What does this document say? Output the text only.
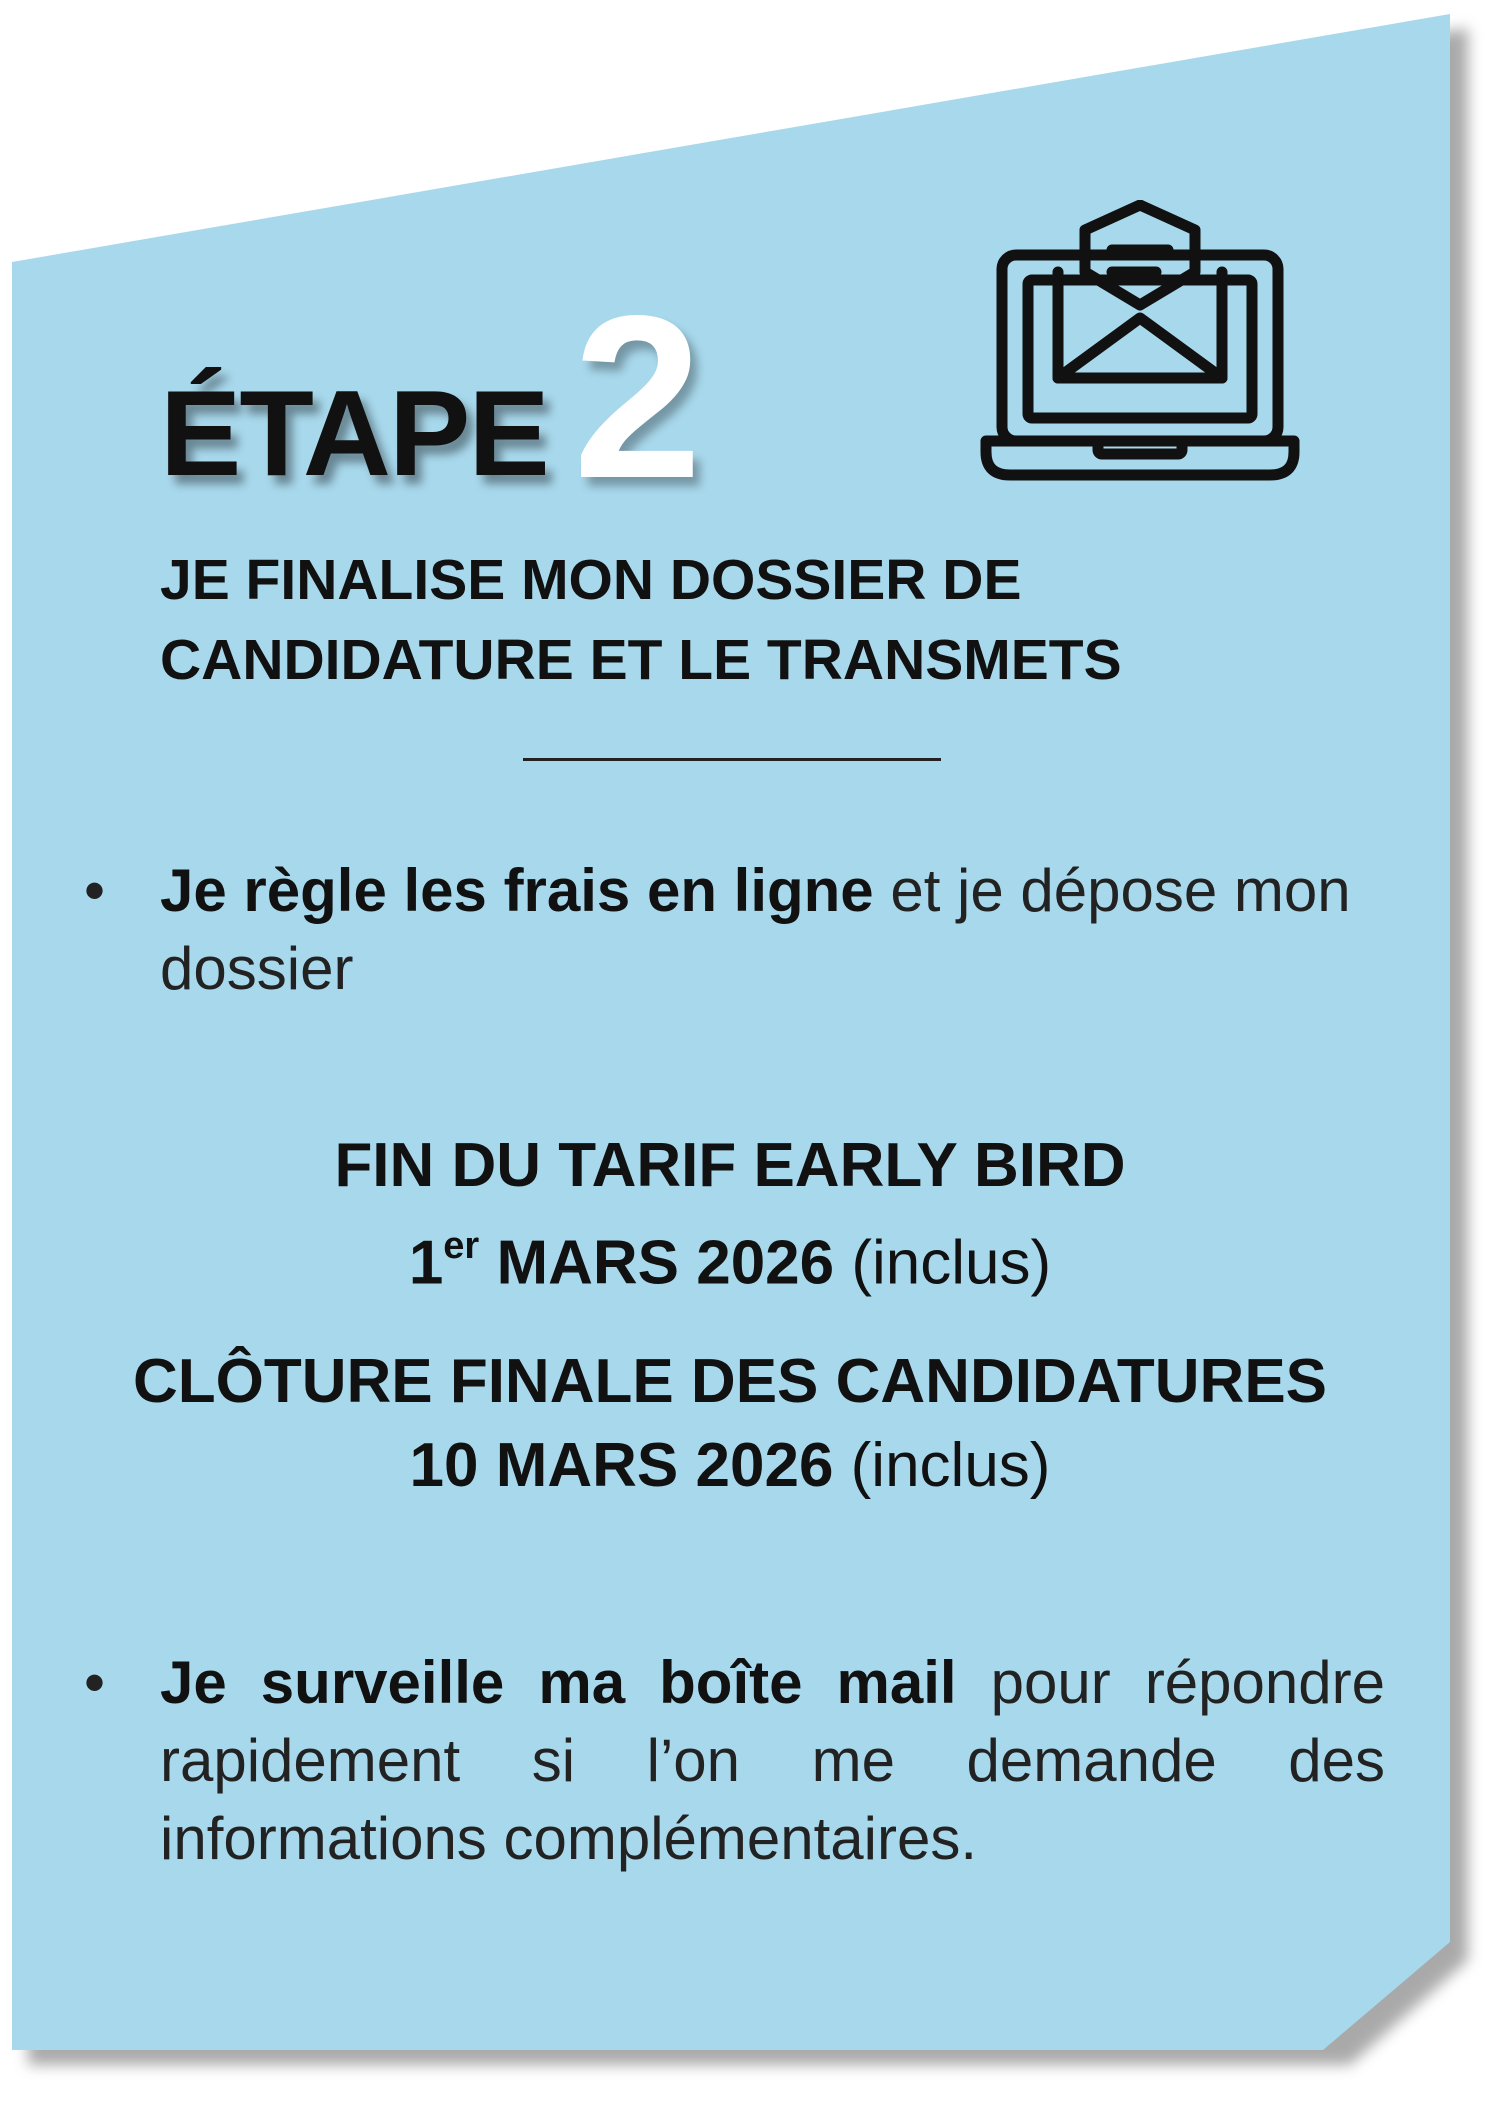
ÉTAPE 2
JE FINALISE MON DOSSIER DE
CANDIDATURE ET LE TRANSMETS
• Je règle les frais en ligne et je dépose mon dossier

FIN DU TARIF EARLY BIRD
1er MARS 2026 (inclus)

CLÔTURE FINALE DES CANDIDATURES
10 MARS 2026 (inclus)

• Je surveille ma boîte mail pour répondre rapidement si l’on me demande des informations complémentaires.
